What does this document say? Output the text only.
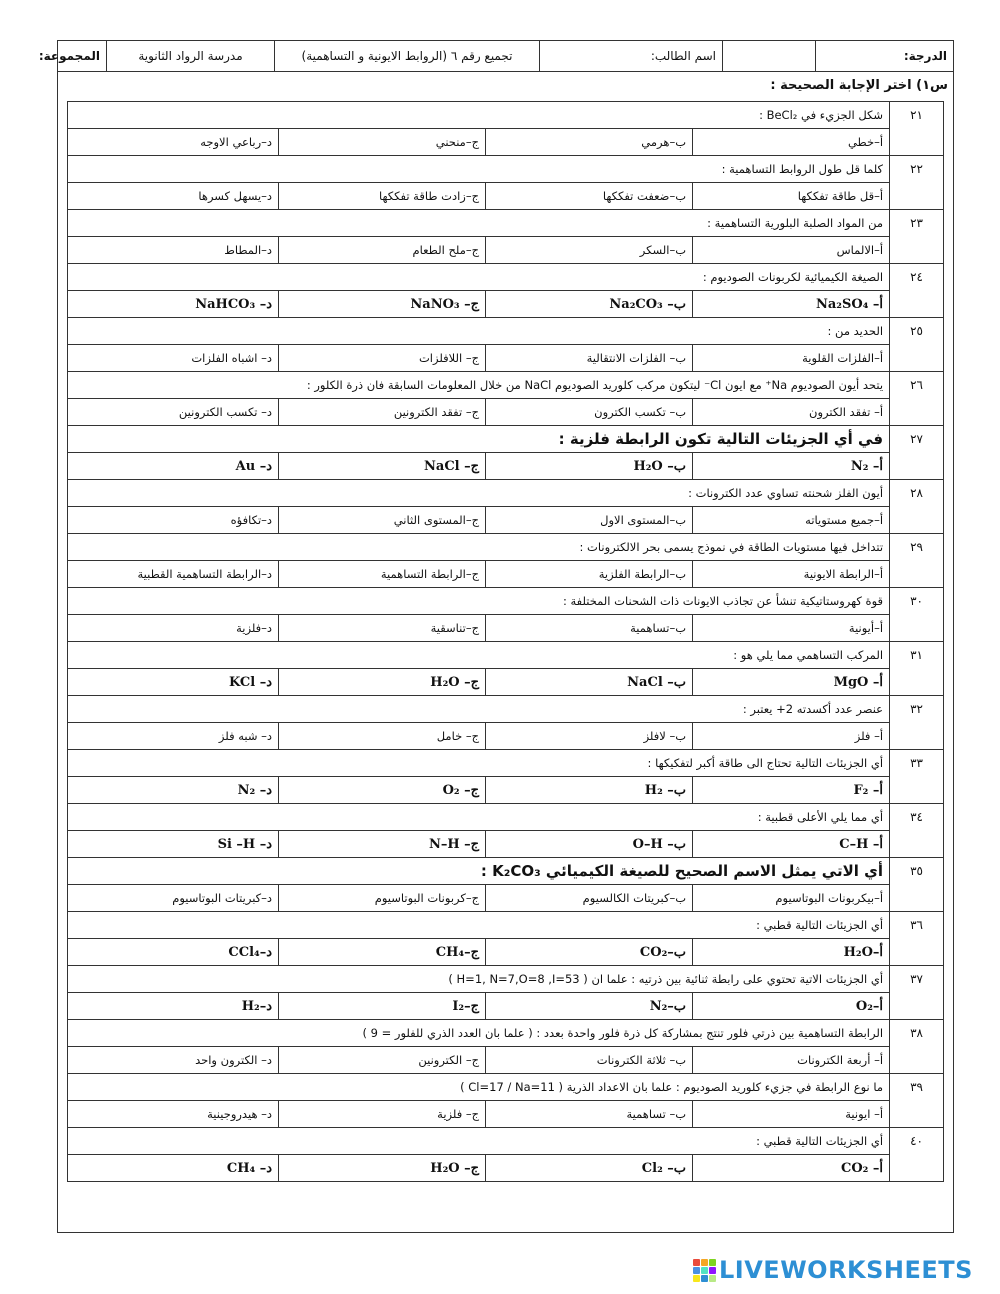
الدرجة:		اسم الطالب:	تجميع رقم ٦ (الروابط الايونية و التساهمية)	مدرسة الرواد الثانوية	المجموعة:
س١) اختر الإجابة الصحيحة :
٢١	شكل الجزيء في BeCl₂ :			
	أ–خطي	ب–هرمي	ج–منحني	د–رباعي الاوجه
٢٢	كلما قل طول الروابط التساهمية :			
	أ–قل طاقة تفككها	ب–ضعفت تفككها	ج–زادت طاقة تفككها	د–يسهل كسرها
٢٣	من المواد الصلبة البلورية التساهمية :			
	أ–الالماس	ب–السكر	ج–ملح الطعام	د–المطاط
٢٤	الصيغة الكيميائية لكربونات الصوديوم :			
	أ– Na₂SO₄	ب– Na₂CO₃	ج– NaNO₃	د– NaHCO₃
٢٥	الحديد من :			
	أ–الفلزات القلوية	ب– الفلزات الانتقالية	ج– اللافلزات	د– اشباه الفلزات
٢٦	يتحد أيون الصوديوم Na⁺ مع ايون Cl⁻ ليتكون مركب كلوريد الصوديوم NaCl من خلال المعلومات السابقة فان ذرة الكلور :			
	أ– تفقد الكترون	ب– تكسب الكترون	ج– تفقد الكترونين	د– تكسب الكترونين
٢٧	في أي الجزيئات التالية تكون الرابطة فلزية :			
	أ– N₂	ب– H₂O	ج– NaCl	د– Au
٢٨	أيون الفلز شحنته تساوي عدد الكترونات :			
	أ–جميع مستوياته	ب–المستوى الاول	ج–المستوى الثاني	د–تكافؤه
٢٩	تتداخل فيها مستويات الطاقة في نموذج يسمى بحر الالكترونات :			
	أ–الرابطة الايونية	ب–الرابطة الفلزية	ج–الرابطة التساهمية	د–الرابطة التساهمية القطبية
٣٠	قوة كهروستاتيكية تنشأ عن تجاذب الايونات ذات الشحنات المختلفة :			
	أ–أيونية	ب–تساهمية	ج–تناسقية	د–فلزية
٣١	المركب التساهمي مما يلي هو :			
	أ– MgO	ب– NaCl	ج– H₂O	د– KCl
٣٢	عنصر عدد أكسدته 2+ يعتبر :			
	أ– فلز	ب– لافلز	ج– خامل	د– شبه فلز
٣٣	أي الجزيئات التالية تحتاج الى طاقة أكبر لتفكيكها :			
	أ– F₂	ب– H₂	ج– O₂	د– N₂
٣٤	أي مما يلي الأعلى قطبية :			
	أ– C–H	ب– O–H	ج– N–H	د– Si –H
٣٥	أي الاتي يمثل الاسم الصحيح للصيغة الكيميائي K₂CO₃ :			
	أ–بيكربونات البوتاسيوم	ب–كبريتات الكالسيوم	ج–كربونات البوتاسيوم	د–كبريتات البوتاسيوم
٣٦	أي الجزيئات التالية قطبي :			
	أ–H₂O	ب–CO₂	ج–CH₄	د–CCl₄
٣٧	أي الجزيئات الاتية تحتوي على رابطة ثنائية بين ذرتيه : علما ان ( H=1, N=7,O=8 ,I=53 )			
	أ–O₂	ب–N₂	ج–I₂	د–H₂
٣٨	الرابطة التساهمية بين ذرتي فلور تنتج بمشاركة كل ذرة فلور واحدة بعدد : ( علما بان العدد الذري للفلور = 9 )			
	أ– أربعة الكترونات	ب– ثلاثة الكترونات	ج– الكترونين	د– الكترون واحد
٣٩	ما نوع الرابطة في جزيء كلوريد الصوديوم : علما بان الاعداد الذرية ( Cl=17 / Na=11 )			
	أ– ايونية	ب– تساهمية	ج– فلزية	د– هيدروجينية
٤٠	أي الجزيئات التالية قطبي :			
	أ– CO₂	ب– Cl₂	ج– H₂O	د– CH₄
LIVEWORKSHEETS
